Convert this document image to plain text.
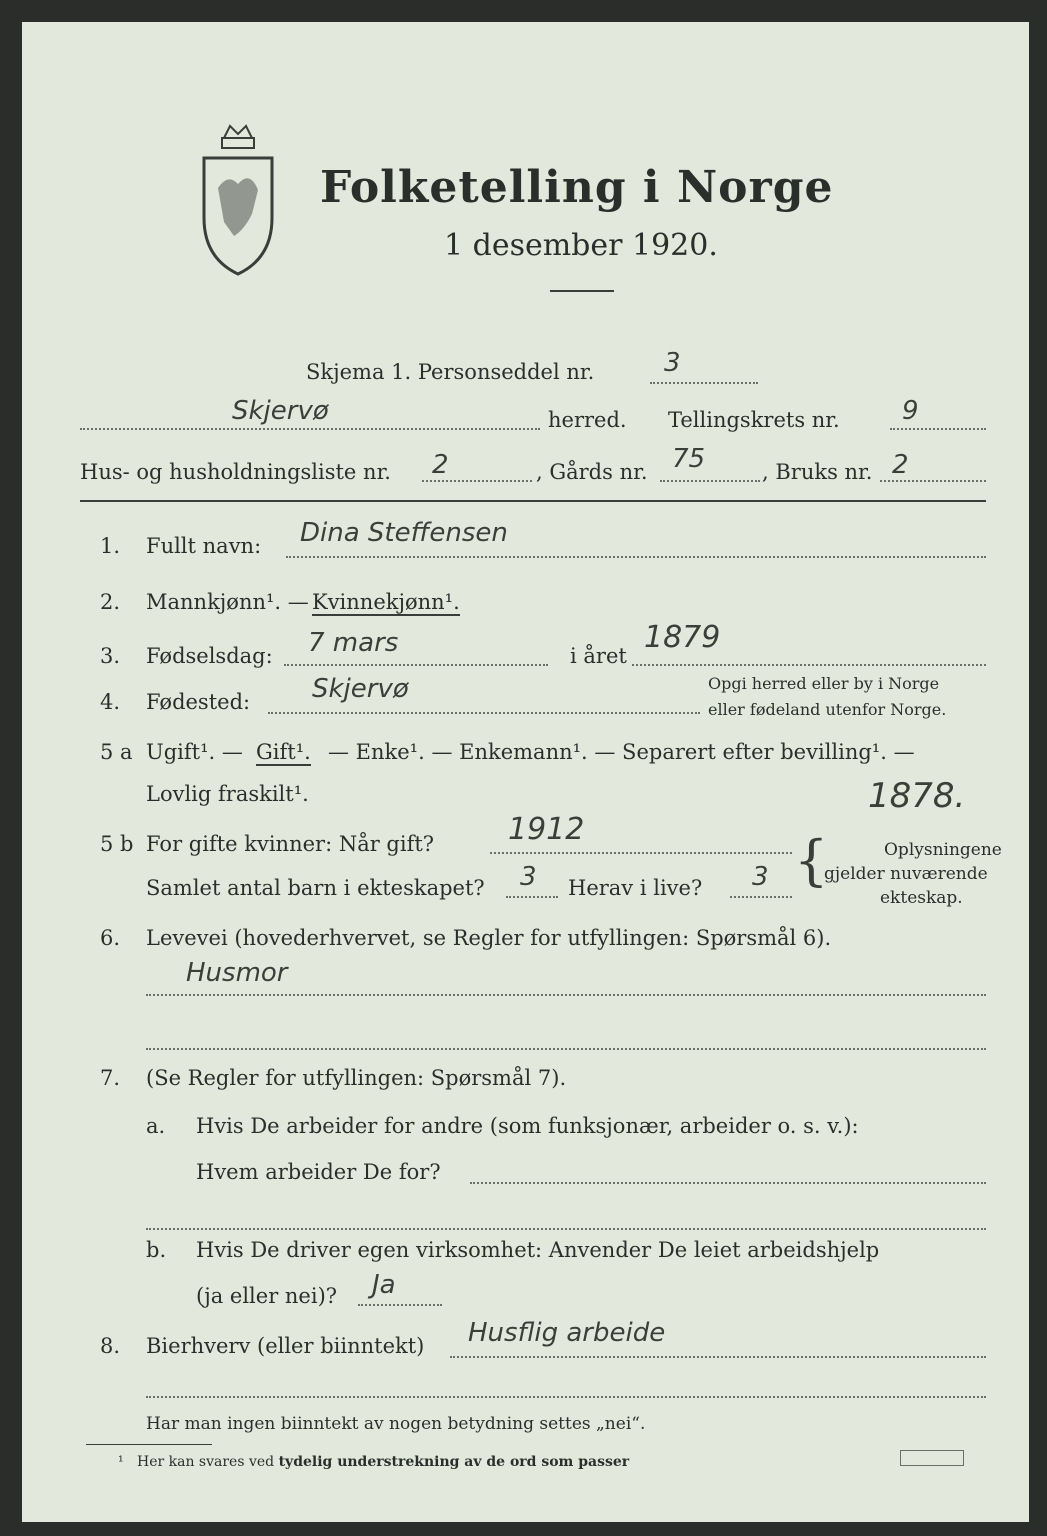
Folketelling i Norge
1 desember 1920.
Skjema 1. Personseddel nr.	3
Skjervø	herred. Tellingskrets nr. 9
Hus- og husholdningsliste nr. 2	, Gårds nr. 75	, Bruks nr. 2
1. Fullt navn: Dina Steffensen
2. Mannkjønn¹. — Kvinnekjønn¹.
3. Fødselsdag: 7 mars	i året
1879
4. Fødested: Skjervø	Opgi herred eller by i Norge
eller fødeland utenfor Norge.
5 a Ugift¹. — Gift¹. — Enke¹. — Enkemann¹. — Separert efter bevilling¹. —
Lovlig fraskilt¹.	1878.
5 b For gifte kvinner: Når gift? 1912
Samlet antal barn i ekteskapet? 3 Herav i live? 3 {	Oplysningene
gjelder nuværende
ekteskap.
6. Levevei (hovederhvervet, se Regler for utfyllingen: Spørsmål 6).
Husmor
7. (Se Regler for utfyllingen: Spørsmål 7).
a. Hvis De arbeider for andre (som funksjonær, arbeider o. s. v.):
Hvem arbeider De for?
b. Hvis De driver egen virksomhet: Anvender De leiet arbeidshjelp
(ja eller nei)? Ja
8. Bierhverv (eller biinntekt) Husflig arbeide
Har man ingen biinntekt av nogen betydning settes „nei“.
¹ Her kan svares ved tydelig understrekning av de ord som passer
